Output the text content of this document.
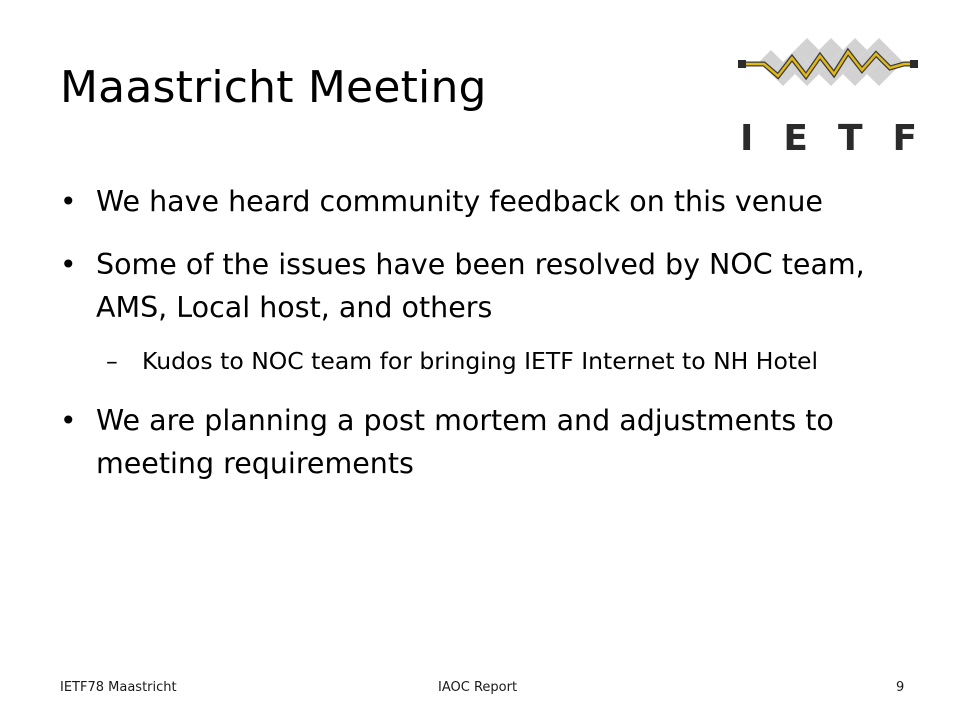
Maastricht Meeting
IETF
• We have heard community feedback on this venue
• Some of the issues have been resolved by NOC team, AMS, Local host, and others
– Kudos to NOC team for bringing IETF Internet to NH Hotel
• We are planning a post mortem and adjustments to meeting requirements
IETF78 Maastricht	IAOC Report	9
